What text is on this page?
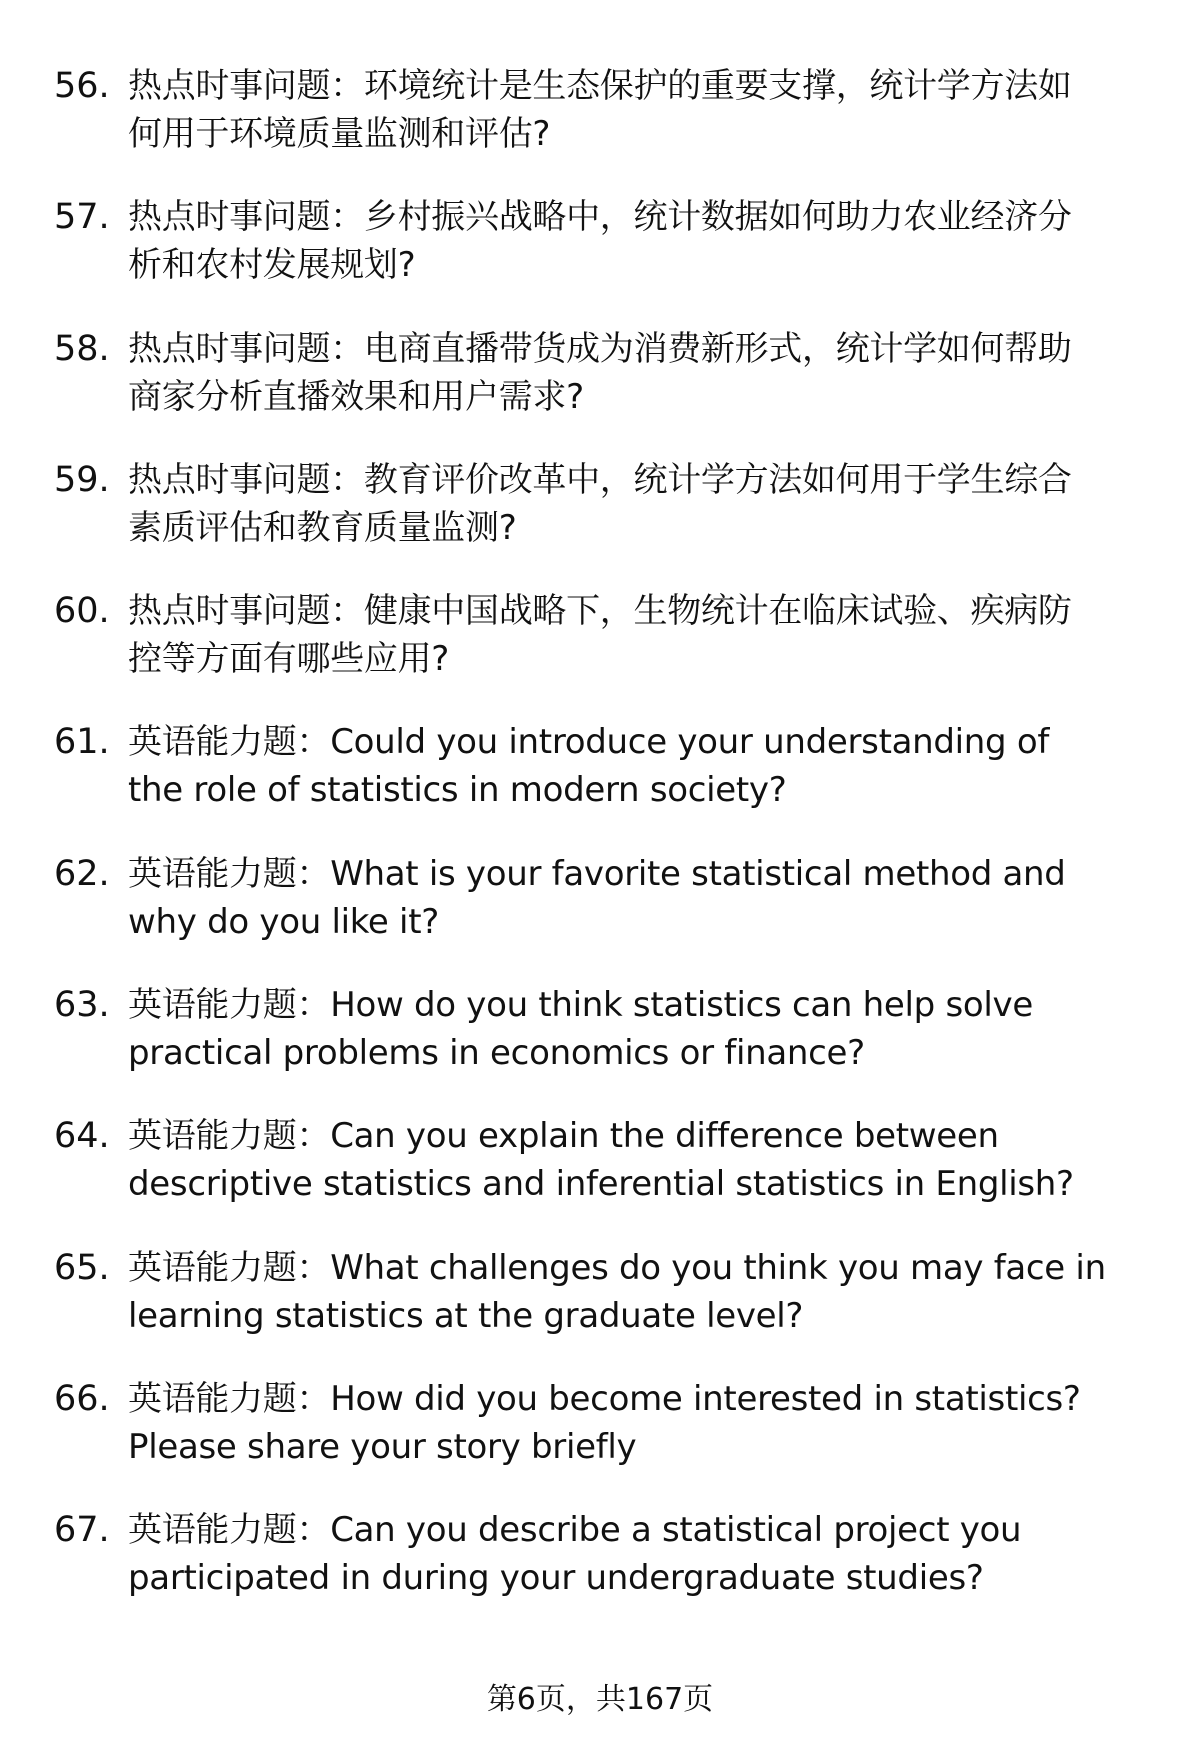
56. 热点时事问题：环境统计是生态保护的重要支撑，统计学方法如
何用于环境质量监测和评估?
57. 热点时事问题：乡村振兴战略中，统计数据如何助力农业经济分
析和农村发展规划?
58. 热点时事问题：电商直播带货成为消费新形式，统计学如何帮助
商家分析直播效果和用户需求?
59. 热点时事问题：教育评价改革中，统计学方法如何用于学生综合
素质评估和教育质量监测?
60. 热点时事问题：健康中国战略下，生物统计在临床试验、疾病防
控等方面有哪些应用?
61. 英语能力题：Could you introduce your understanding of
the role of statistics in modern society?
62. 英语能力题：What is your favorite statistical method and
why do you like it?
63. 英语能力题：How do you think statistics can help solve
practical problems in economics or finance?
64. 英语能力题：Can you explain the difference between
descriptive statistics and inferential statistics in English?
65. 英语能力题：What challenges do you think you may face in
learning statistics at the graduate level?
66. 英语能力题：How did you become interested in statistics?
Please share your story briefly
67. 英语能力题：Can you describe a statistical project you
participated in during your undergraduate studies?
第6页，共167页
